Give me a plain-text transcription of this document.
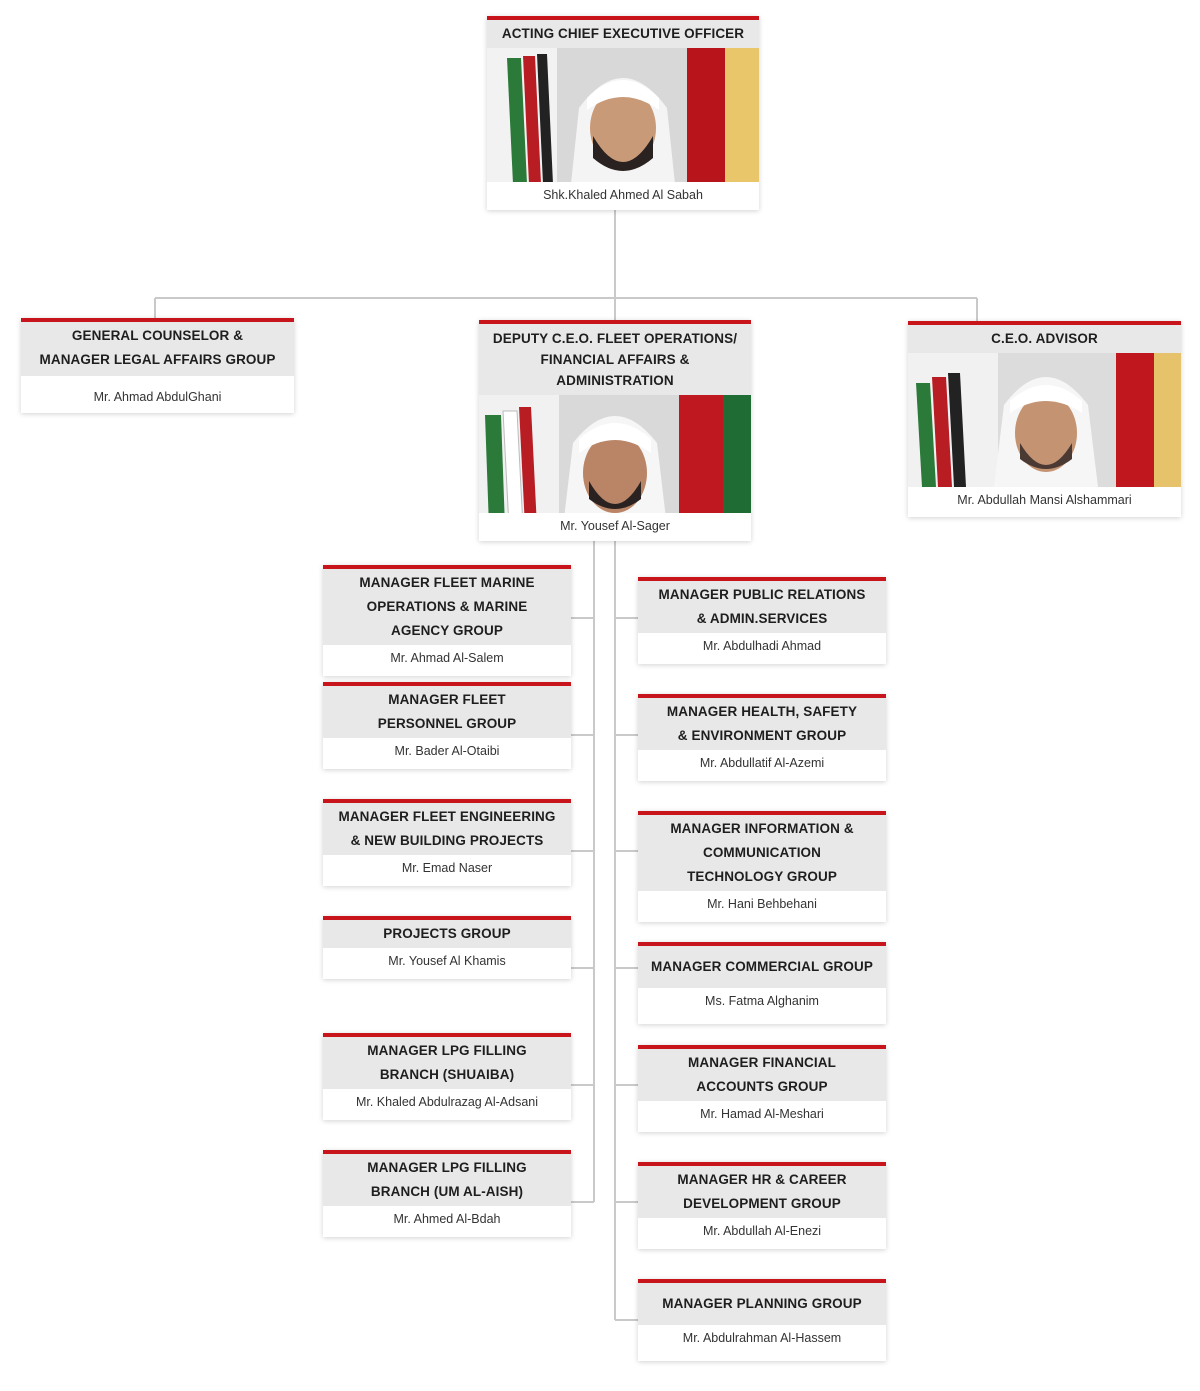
ACTING CHIEF EXECUTIVE OFFICER
Shk.Khaled Ahmed Al Sabah
GENERAL COUNSELOR & MANAGER LEGAL AFFAIRS GROUP
Mr. Ahmad AbdulGhani
DEPUTY C.E.O. FLEET OPERATIONS/ FINANCIAL AFFAIRS & ADMINISTRATION
Mr. Yousef Al-Sager
C.E.O. ADVISOR
Mr. Abdullah Mansi Alshammari
MANAGER FLEET MARINE OPERATIONS & MARINE AGENCY GROUP
Mr. Ahmad Al-Salem
MANAGER FLEET PERSONNEL GROUP
Mr. Bader Al-Otaibi
MANAGER FLEET ENGINEERING & NEW BUILDING PROJECTS
Mr. Emad Naser
PROJECTS GROUP
Mr. Yousef Al Khamis
MANAGER LPG FILLING BRANCH (SHUAIBA)
Mr. Khaled Abdulrazag Al-Adsani
MANAGER LPG FILLING BRANCH (UM AL-AISH)
Mr. Ahmed Al-Bdah
MANAGER PUBLIC RELATIONS & ADMIN.SERVICES
Mr. Abdulhadi Ahmad
MANAGER HEALTH, SAFETY & ENVIRONMENT GROUP
Mr. Abdullatif Al-Azemi
MANAGER INFORMATION & COMMUNICATION TECHNOLOGY GROUP
Mr. Hani Behbehani
MANAGER COMMERCIAL GROUP
Ms. Fatma Alghanim
MANAGER FINANCIAL ACCOUNTS GROUP
Mr. Hamad Al-Meshari
MANAGER HR & CAREER DEVELOPMENT GROUP
Mr. Abdullah Al-Enezi
MANAGER PLANNING GROUP
Mr. Abdulrahman Al-Hassem
